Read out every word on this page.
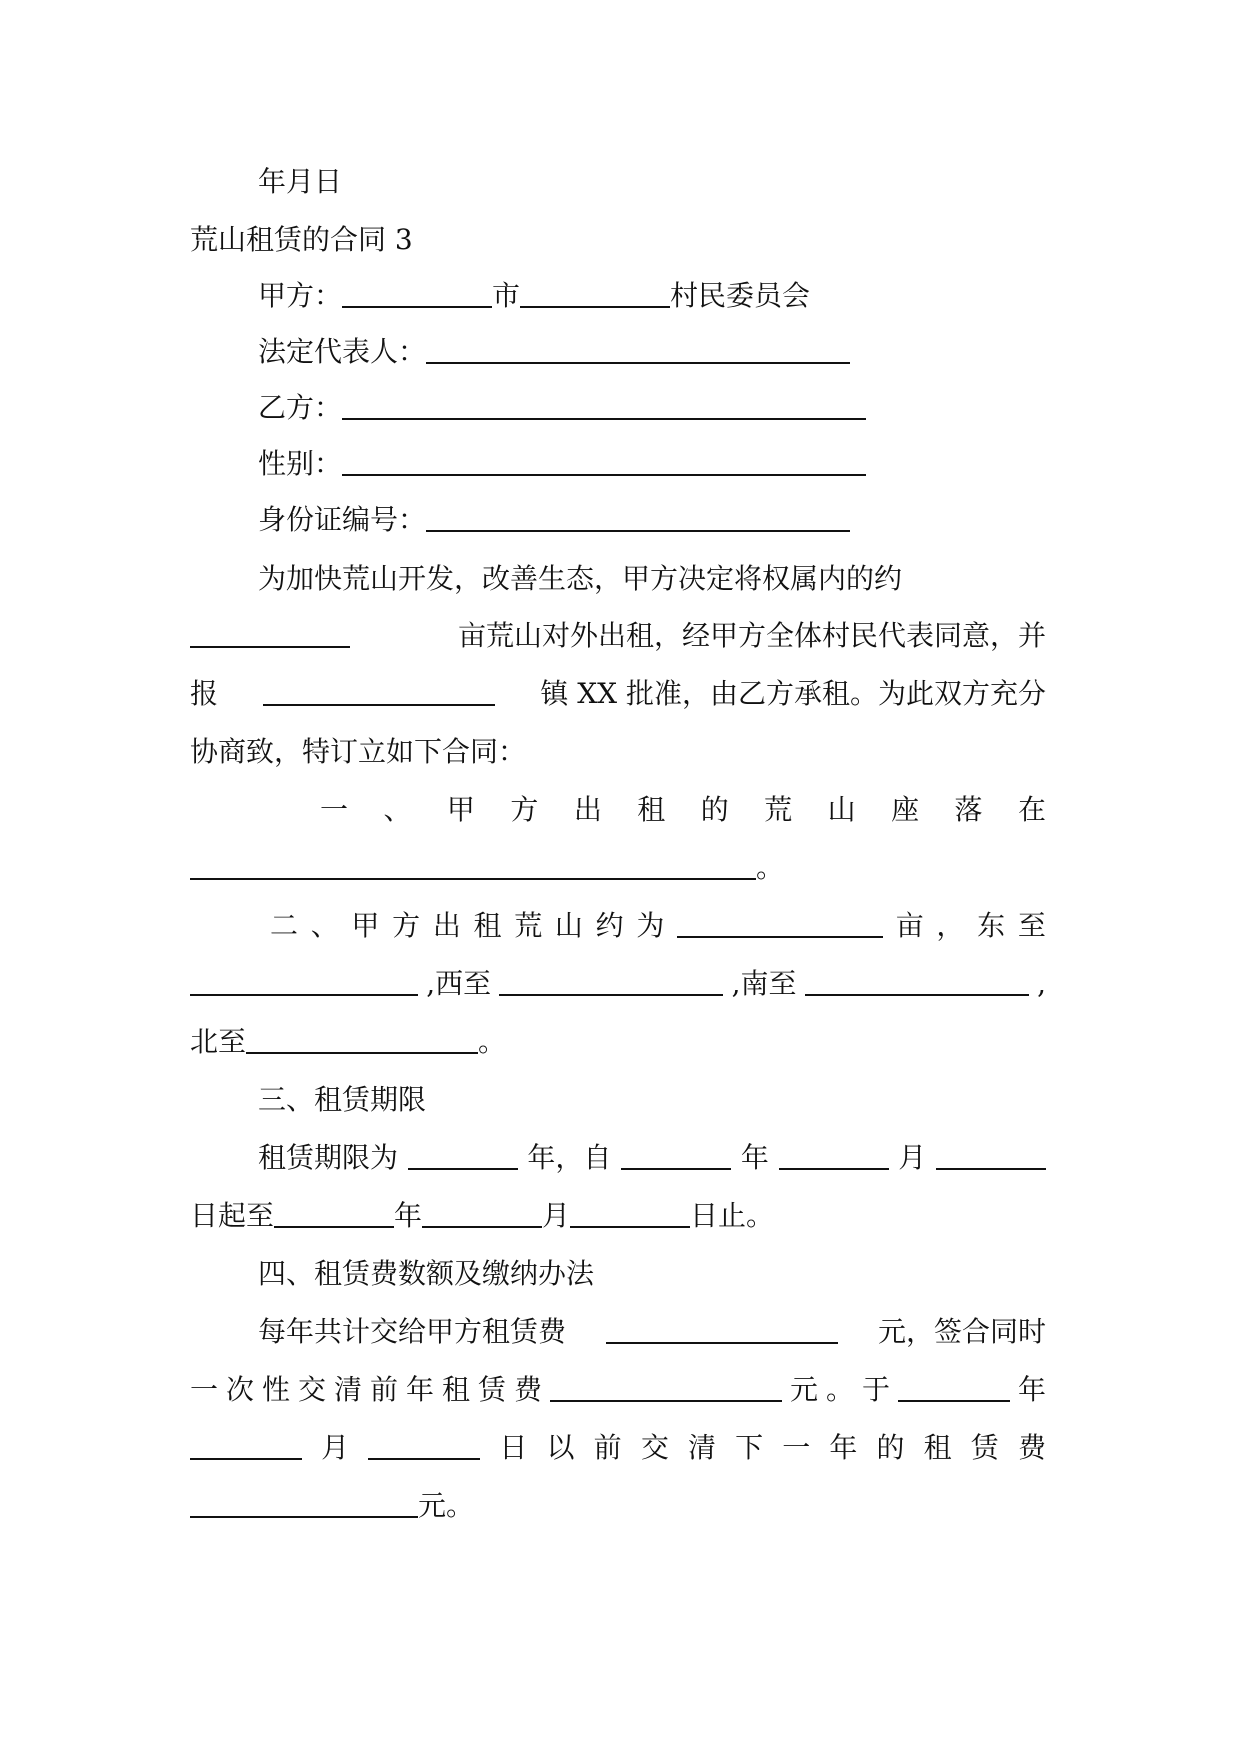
年月日
荒山租赁的合同 3
甲方：	市	村民委员会
法定代表人：
乙方：
性别：
身份证编号：
为加快荒山开发，改善生态，甲方决定将权属内的约
亩荒山对外出租，经甲方全体村民代表同意，并
报	镇 XX 批准，由乙方承租。为此双方充分
协商致，特订立如下合同：
一 、 甲 方 出 租 的 荒 山 座 落 在
。
二 、 甲 方 出 租 荒 山 约 为	亩 ， 东 至
,西至	,南至	,
北至	。
三、租赁期限
租赁期限为	年，自	年	月
日起至	年	月	日止。
四、租赁费数额及缴纳办法
每年共计交给甲方租赁费	元，签合同时
一 次 性 交 清 前 年 租 赁 费	元 。 于	年
月	日 以 前 交 清 下 一 年 的 租 赁 费
元。
